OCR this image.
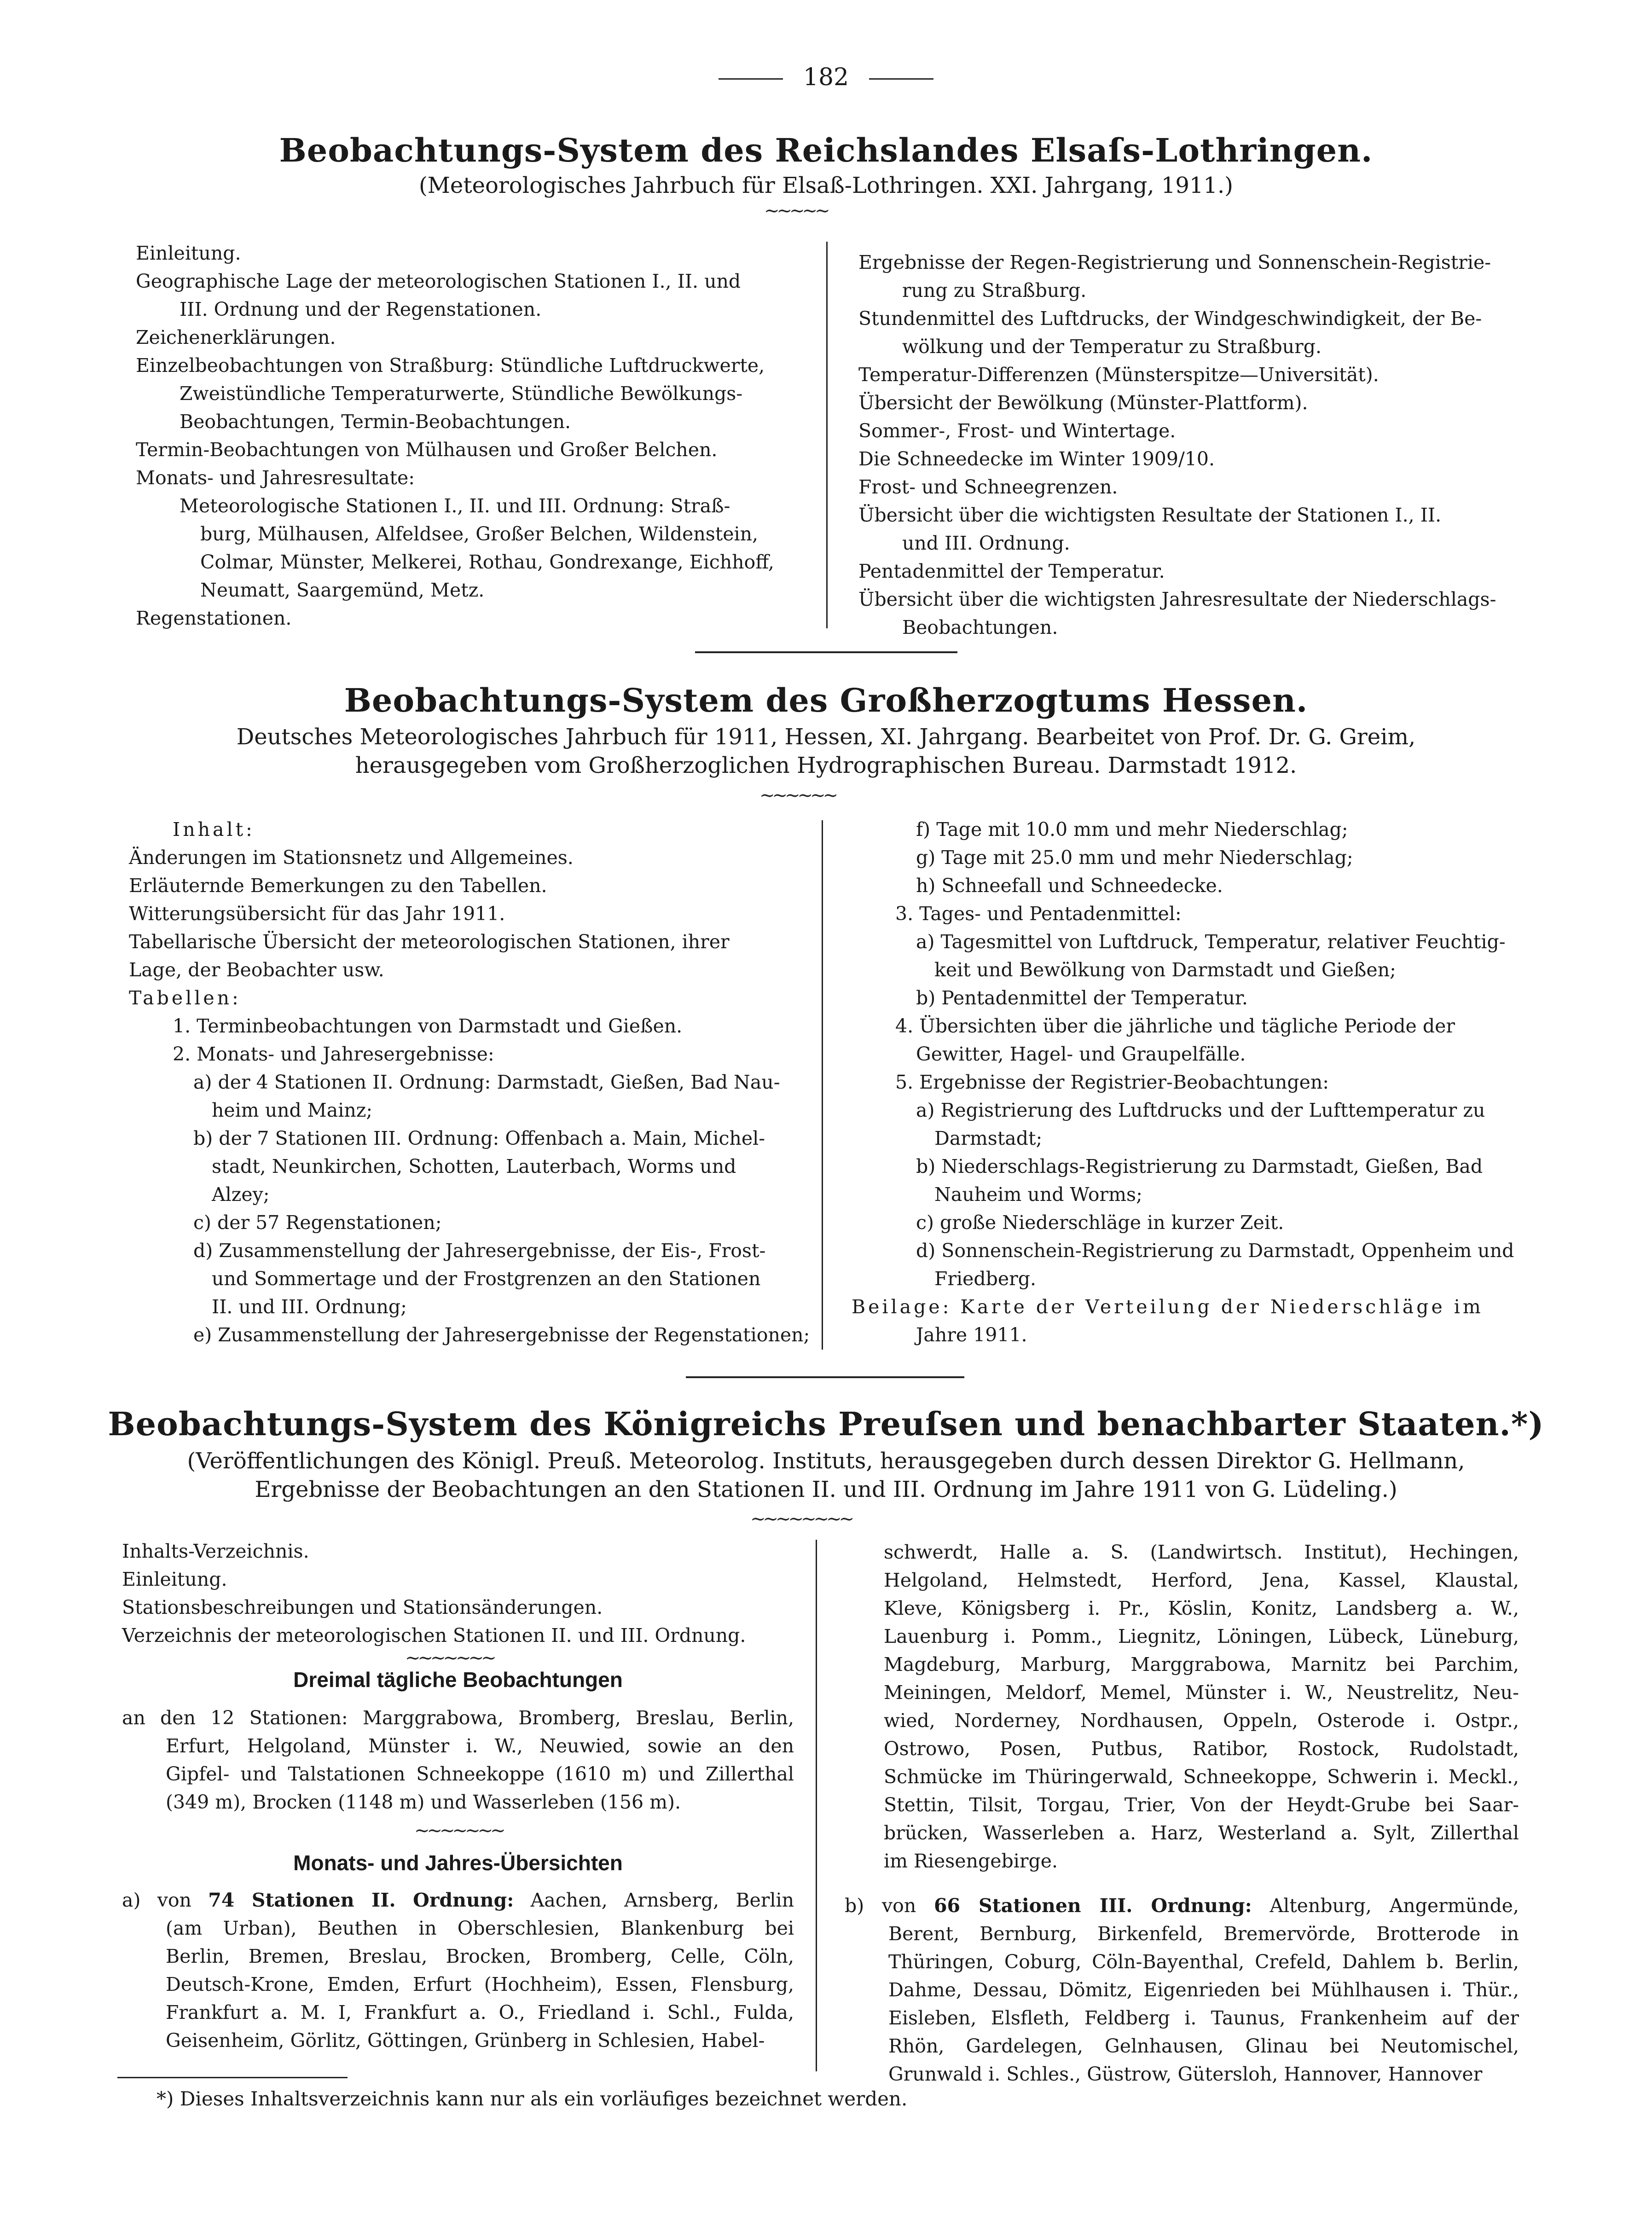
182
Beobachtungs-System des Reichslandes Elsaſs-Lothringen.
(Meteorologisches Jahrbuch für Elsaß-Lothringen. XXI. Jahrgang, 1911.)
∼∼∼∼∼
Einleitung.
Geographische Lage der meteorologischen Stationen I., II. und
III. Ordnung und der Regenstationen.
Zeichenerklärungen.
Einzelbeobachtungen von Straßburg: Stündliche Luftdruckwerte,
Zweistündliche Temperaturwerte, Stündliche Bewölkungs-
Beobachtungen, Termin-Beobachtungen.
Termin-Beobachtungen von Mülhausen und Großer Belchen.
Monats- und Jahresresultate:
Meteorologische Stationen I., II. und III. Ordnung: Straß-
burg, Mülhausen, Alfeldsee, Großer Belchen, Wildenstein,
Colmar, Münster, Melkerei, Rothau, Gondrexange, Eichhoff,
Neumatt, Saargemünd, Metz.
Regenstationen.
Ergebnisse der Regen-Registrierung und Sonnenschein-Registrie-
rung zu Straßburg.
Stundenmittel des Luftdrucks, der Windgeschwindigkeit, der Be-
wölkung und der Temperatur zu Straßburg.
Temperatur-Differenzen (Münsterspitze—Universität).
Übersicht der Bewölkung (Münster-Plattform).
Sommer-, Frost- und Wintertage.
Die Schneedecke im Winter 1909/10.
Frost- und Schneegrenzen.
Übersicht über die wichtigsten Resultate der Stationen I., II.
und III. Ordnung.
Pentadenmittel der Temperatur.
Übersicht über die wichtigsten Jahresresultate der Niederschlags-
Beobachtungen.
Beobachtungs-System des Großherzogtums Hessen.
Deutsches Meteorologisches Jahrbuch für 1911, Hessen, XI. Jahrgang. Bearbeitet von Prof. Dr. G. Greim,
herausgegeben vom Großherzoglichen Hydrographischen Bureau. Darmstadt 1912.
∼∼∼∼∼∼
Inhalt:
Änderungen im Stationsnetz und Allgemeines.
Erläuternde Bemerkungen zu den Tabellen.
Witterungsübersicht für das Jahr 1911.
Tabellarische Übersicht der meteorologischen Stationen, ihrer
Lage, der Beobachter usw.
Tabellen:
1. Terminbeobachtungen von Darmstadt und Gießen.
2. Monats- und Jahresergebnisse:
a) der 4 Stationen II. Ordnung: Darmstadt, Gießen, Bad Nau-
heim und Mainz;
b) der 7 Stationen III. Ordnung: Offenbach a. Main, Michel-
stadt, Neunkirchen, Schotten, Lauterbach, Worms und
Alzey;
c) der 57 Regenstationen;
d) Zusammenstellung der Jahresergebnisse, der Eis-, Frost-
und Sommertage und der Frostgrenzen an den Stationen
II. und III. Ordnung;
e) Zusammenstellung der Jahresergebnisse der Regenstationen;
f) Tage mit 10.0 mm und mehr Niederschlag;
g) Tage mit 25.0 mm und mehr Niederschlag;
h) Schneefall und Schneedecke.
3. Tages- und Pentadenmittel:
a) Tagesmittel von Luftdruck, Temperatur, relativer Feuchtig-
keit und Bewölkung von Darmstadt und Gießen;
b) Pentadenmittel der Temperatur.
4. Übersichten über die jährliche und tägliche Periode der
Gewitter, Hagel- und Graupelfälle.
5. Ergebnisse der Registrier-Beobachtungen:
a) Registrierung des Luftdrucks und der Lufttemperatur zu
Darmstadt;
b) Niederschlags-Registrierung zu Darmstadt, Gießen, Bad
Nauheim und Worms;
c) große Niederschläge in kurzer Zeit.
d) Sonnenschein-Registrierung zu Darmstadt, Oppenheim und
Friedberg.
Beilage: Karte der Verteilung der Niederschläge im
Jahre 1911.
Beobachtungs-System des Königreichs Preuſsen und benachbarter Staaten.*)
(Veröffentlichungen des Königl. Preuß. Meteorolog. Instituts, herausgegeben durch dessen Direktor G. Hellmann,
Ergebnisse der Beobachtungen an den Stationen II. und III. Ordnung im Jahre 1911 von G. Lüdeling.)
∼∼∼∼∼∼∼∼
Inhalts-Verzeichnis.
Einleitung.
Stationsbeschreibungen und Stationsänderungen.
Verzeichnis der meteorologischen Stationen II. und III. Ordnung.
∼∼∼∼∼∼∼
Dreimal tägliche Beobachtungen
an den 12 Stationen: Marggrabowa, Bromberg, Breslau, Berlin,
Erfurt, Helgoland, Münster i. W., Neuwied, sowie an den
Gipfel- und Talstationen Schneekoppe (1610 m) und Zillerthal
(349 m), Brocken (1148 m) und Wasserleben (156 m).
∼∼∼∼∼∼∼
Monats- und Jahres-Übersichten
a) von 74 Stationen II. Ordnung: Aachen, Arnsberg, Berlin
(am Urban), Beuthen in Oberschlesien, Blankenburg bei
Berlin, Bremen, Breslau, Brocken, Bromberg, Celle, Cöln,
Deutsch-Krone, Emden, Erfurt (Hochheim), Essen, Flensburg,
Frankfurt a. M. I, Frankfurt a. O., Friedland i. Schl., Fulda,
Geisenheim, Görlitz, Göttingen, Grünberg in Schlesien, Habel-
schwerdt, Halle a. S. (Landwirtsch. Institut), Hechingen,
Helgoland, Helmstedt, Herford, Jena, Kassel, Klaustal,
Kleve, Königsberg i. Pr., Köslin, Konitz, Landsberg a. W.,
Lauenburg i. Pomm., Liegnitz, Löningen, Lübeck, Lüneburg,
Magdeburg, Marburg, Marggrabowa, Marnitz bei Parchim,
Meiningen, Meldorf, Memel, Münster i. W., Neustrelitz, Neu-
wied, Norderney, Nordhausen, Oppeln, Osterode i. Ostpr.,
Ostrowo, Posen, Putbus, Ratibor, Rostock, Rudolstadt,
Schmücke im Thüringerwald, Schneekoppe, Schwerin i. Meckl.,
Stettin, Tilsit, Torgau, Trier, Von der Heydt-Grube bei Saar-
brücken, Wasserleben a. Harz, Westerland a. Sylt, Zillerthal
im Riesengebirge.
b) von 66 Stationen III. Ordnung: Altenburg, Angermünde,
Berent, Bernburg, Birkenfeld, Bremervörde, Brotterode in
Thüringen, Coburg, Cöln-Bayenthal, Crefeld, Dahlem b. Berlin,
Dahme, Dessau, Dömitz, Eigenrieden bei Mühlhausen i. Thür.,
Eisleben, Elsfleth, Feldberg i. Taunus, Frankenheim auf der
Rhön, Gardelegen, Gelnhausen, Glinau bei Neutomischel,
Grunwald i. Schles., Güstrow, Gütersloh, Hannover, Hannover
*) Dieses Inhaltsverzeichnis kann nur als ein vorläufiges bezeichnet werden.
